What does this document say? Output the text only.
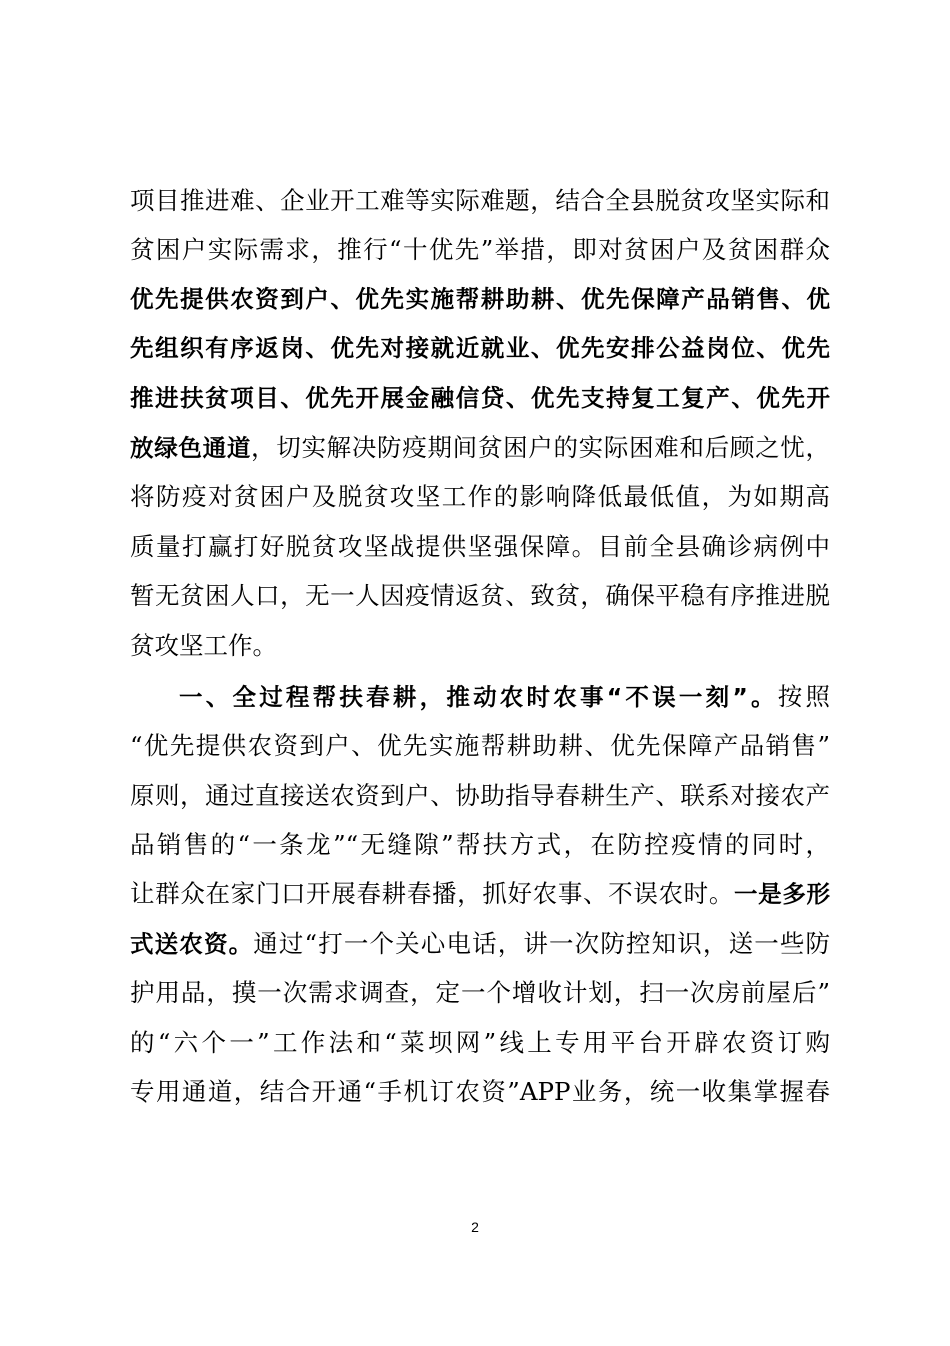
项目推进难、企业开工难等实际难题，结合全县脱贫攻坚实际和
贫困户实际需求，推行“十优先”举措，即对贫困户及贫困群众
优先提供农资到户、优先实施帮耕助耕、优先保障产品销售、优
先组织有序返岗、优先对接就近就业、优先安排公益岗位、优先
推进扶贫项目、优先开展金融信贷、优先支持复工复产、优先开
放绿色通道，切实解决防疫期间贫困户的实际困难和后顾之忧，
将防疫对贫困户及脱贫攻坚工作的影响降低最低值，为如期高
质量打赢打好脱贫攻坚战提供坚强保障。目前全县确诊病例中
暂无贫困人口，无一人因疫情返贫、致贫，确保平稳有序推进脱
贫攻坚工作。
一、全过程帮扶春耕，推动农时农事“不误一刻”。按照
“优先提供农资到户、优先实施帮耕助耕、优先保障产品销售”
原则，通过直接送农资到户、协助指导春耕生产、联系对接农产
品销售的“一条龙”“无缝隙”帮扶方式，在防控疫情的同时，
让群众在家门口开展春耕春播，抓好农事、不误农时。一是多形
式送农资。通过“打一个关心电话，讲一次防控知识，送一些防
护用品，摸一次需求调查，定一个增收计划，扫一次房前屋后”
的“六个一”工作法和“菜坝网”线上专用平台开辟农资订购
专用通道，结合开通“手机订农资”APP业务，统一收集掌握春
2
